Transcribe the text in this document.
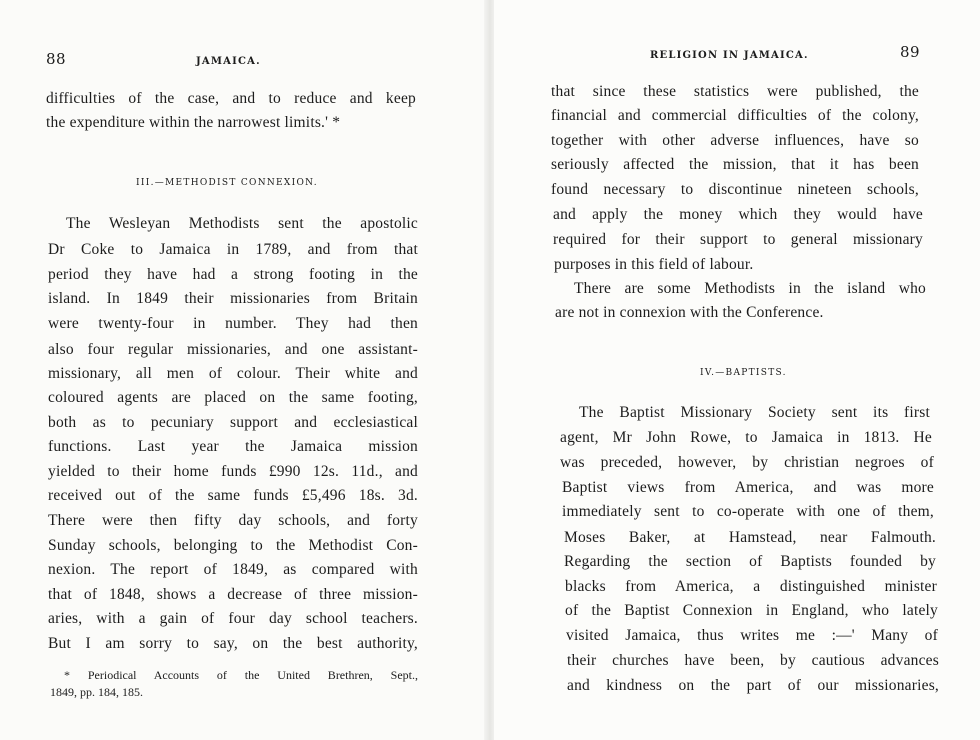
88	JAMAICA.
difficulties of the case, and to reduce and keep
the expenditure within the narrowest limits.' *
III.—METHODIST CONNEXION.
The Wesleyan Methodists sent the apostolic
Dr Coke to Jamaica in 1789, and from that
period they have had a strong footing in the
island. In 1849 their missionaries from Britain
were twenty-four in number. They had then
also four regular missionaries, and one assistant-
missionary, all men of colour. Their white and
coloured agents are placed on the same footing,
both as to pecuniary support and ecclesiastical
functions. Last year the Jamaica mission
yielded to their home funds £990 12s. 11d., and
received out of the same funds £5,496 18s. 3d.
There were then fifty day schools, and forty
Sunday schools, belonging to the Methodist Con-
nexion. The report of 1849, as compared with
that of 1848, shows a decrease of three mission-
aries, with a gain of four day school teachers.
But I am sorry to say, on the best authority,
* Periodical Accounts of the United Brethren, Sept.,
1849, pp. 184, 185.
RELIGION IN JAMAICA.	89
that since these statistics were published, the
financial and commercial difficulties of the colony,
together with other adverse influences, have so
seriously affected the mission, that it has been
found necessary to discontinue nineteen schools,
and apply the money which they would have
required for their support to general missionary
purposes in this field of labour.
There are some Methodists in the island who
are not in connexion with the Conference.
IV.—BAPTISTS.
The Baptist Missionary Society sent its first
agent, Mr John Rowe, to Jamaica in 1813. He
was preceded, however, by christian negroes of
Baptist views from America, and was more
immediately sent to co-operate with one of them,
Moses Baker, at Hamstead, near Falmouth.
Regarding the section of Baptists founded by
blacks from America, a distinguished minister
of the Baptist Connexion in England, who lately
visited Jamaica, thus writes me :—' Many of
their churches have been, by cautious advances
and kindness on the part of our missionaries,
